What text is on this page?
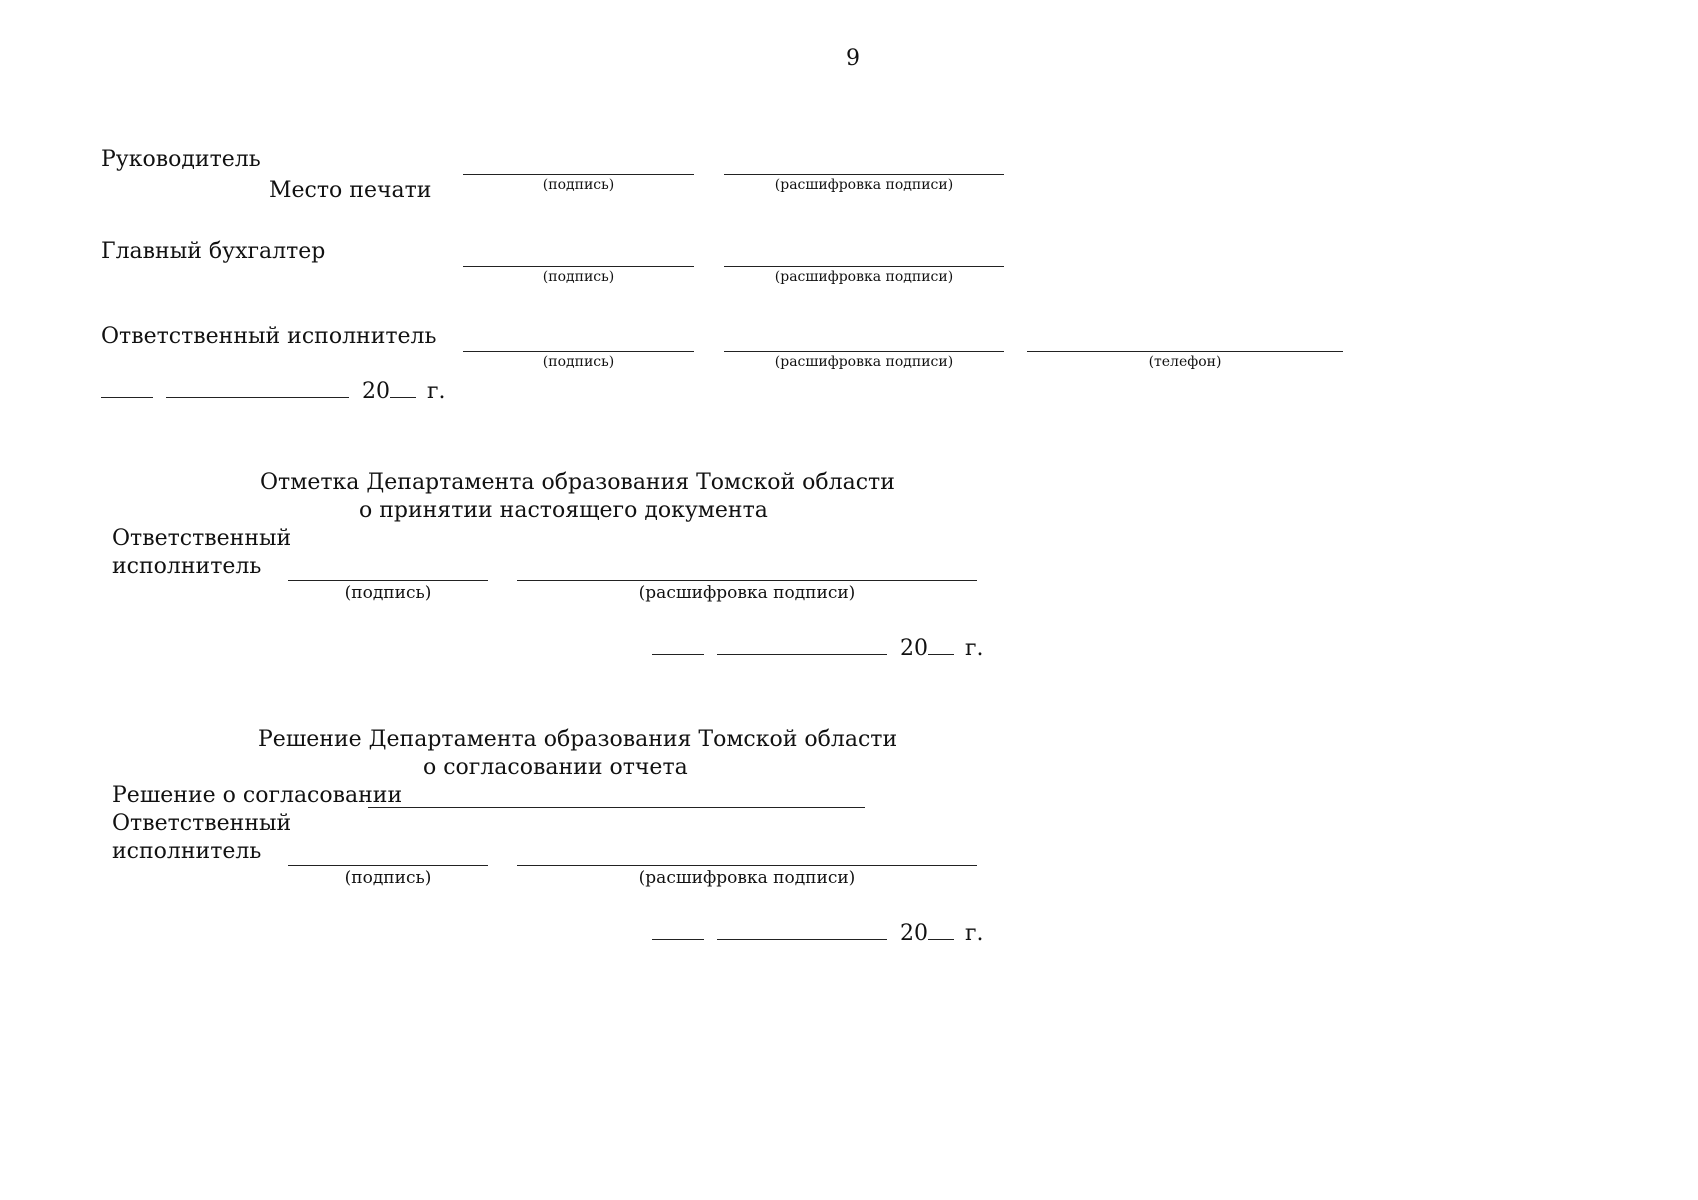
9
Руководитель
Место печати	(подпись)	(расшифровка подписи)
Главный бухгалтер
(подпись)	(расшифровка подписи)
Ответственный исполнитель
(подпись)	(расшифровка подписи)	(телефон)
20 г.
Отметка Департамента образования Томской области
о принятии настоящего документа
Ответственный
исполнитель
(подпись)	(расшифровка подписи)
20 г.
Решение Департамента образования Томской области
о согласовании отчета
Решение о согласовании
Ответственный
исполнитель
(подпись)	(расшифровка подписи)
20 г.
